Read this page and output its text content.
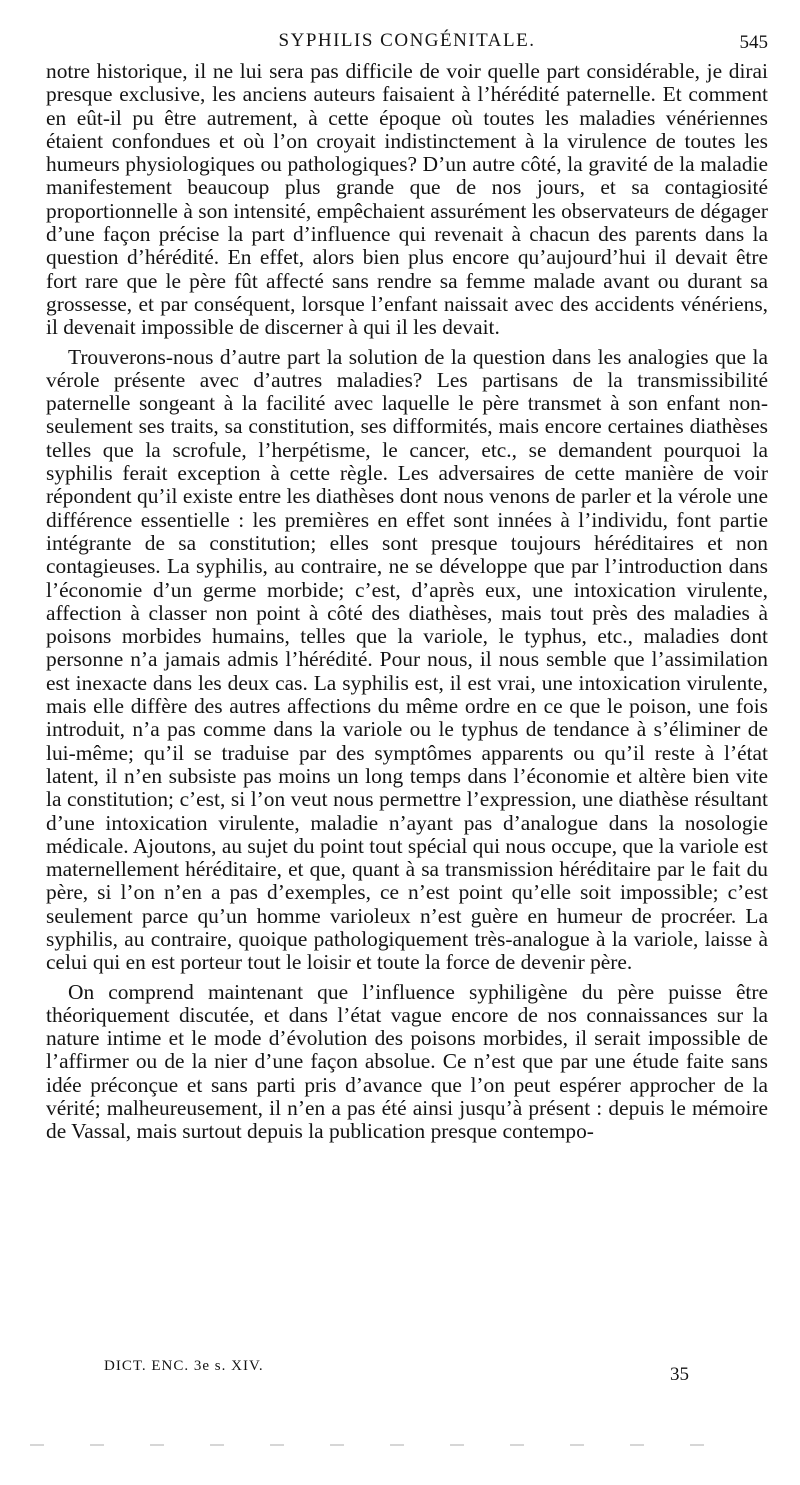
SYPHILIS CONGÉNITALE.	545

notre historique, il ne lui sera pas difficile de voir quelle part considérable, je dirai presque exclusive, les anciens auteurs faisaient à l’hérédité paternelle. Et comment en eût-il pu être autrement, à cette époque où toutes les maladies vénériennes étaient confondues et où l’on croyait indistinctement à la virulence de toutes les humeurs physiologiques ou pathologiques? D’un autre côté, la gravité de la maladie manifestement beaucoup plus grande que de nos jours, et sa contagiosité proportionnelle à son intensité, empêchaient assurément les observateurs de dégager d’une façon précise la part d’influence qui revenait à chacun des parents dans la question d’hérédité. En effet, alors bien plus encore qu’aujourd’hui il devait être fort rare que le père fût affecté sans rendre sa femme malade avant ou durant sa grossesse, et par conséquent, lorsque l’enfant naissait avec des accidents vénériens, il devenait impossible de discerner à qui il les devait.

Trouverons-nous d’autre part la solution de la question dans les analogies que la vérole présente avec d’autres maladies? Les partisans de la transmissibilité paternelle songeant à la facilité avec laquelle le père transmet à son enfant non-seulement ses traits, sa constitution, ses difformités, mais encore certaines diathèses telles que la scrofule, l’herpétisme, le cancer, etc., se demandent pourquoi la syphilis ferait exception à cette règle. Les adversaires de cette manière de voir répondent qu’il existe entre les diathèses dont nous venons de parler et la vérole une différence essentielle : les premières en effet sont innées à l’individu, font partie intégrante de sa constitution; elles sont presque toujours héréditaires et non contagieuses. La syphilis, au contraire, ne se développe que par l’introduction dans l’économie d’un germe morbide; c’est, d’après eux, une intoxication virulente, affection à classer non point à côté des diathèses, mais tout près des maladies à poisons morbides humains, telles que la variole, le typhus, etc., maladies dont personne n’a jamais admis l’hérédité. Pour nous, il nous semble que l’assimilation est inexacte dans les deux cas. La syphilis est, il est vrai, une intoxication virulente, mais elle diffère des autres affections du même ordre en ce que le poison, une fois introduit, n’a pas comme dans la variole ou le typhus de tendance à s’éliminer de lui-même; qu’il se traduise par des symptômes apparents ou qu’il reste à l’état latent, il n’en subsiste pas moins un long temps dans l’économie et altère bien vite la constitution; c’est, si l’on veut nous permettre l’expression, une diathèse résultant d’une intoxication virulente, maladie n’ayant pas d’analogue dans la nosologie médicale. Ajoutons, au sujet du point tout spécial qui nous occupe, que la variole est maternellement héréditaire, et que, quant à sa transmission héréditaire par le fait du père, si l’on n’en a pas d’exemples, ce n’est point qu’elle soit impossible; c’est seulement parce qu’un homme varioleux n’est guère en humeur de procréer. La syphilis, au contraire, quoique pathologiquement très-analogue à la variole, laisse à celui qui en est porteur tout le loisir et toute la force de devenir père.

On comprend maintenant que l’influence syphiligène du père puisse être théoriquement discutée, et dans l’état vague encore de nos connaissances sur la nature intime et le mode d’évolution des poisons morbides, il serait impossible de l’affirmer ou de la nier d’une façon absolue. Ce n’est que par une étude faite sans idée préconçue et sans parti pris d’avance que l’on peut espérer approcher de la vérité; malheureusement, il n’en a pas été ainsi jusqu’à présent : depuis le mémoire de Vassal, mais surtout depuis la publication presque contempo-

DICT. ENC. 3e s. XIV.	35
